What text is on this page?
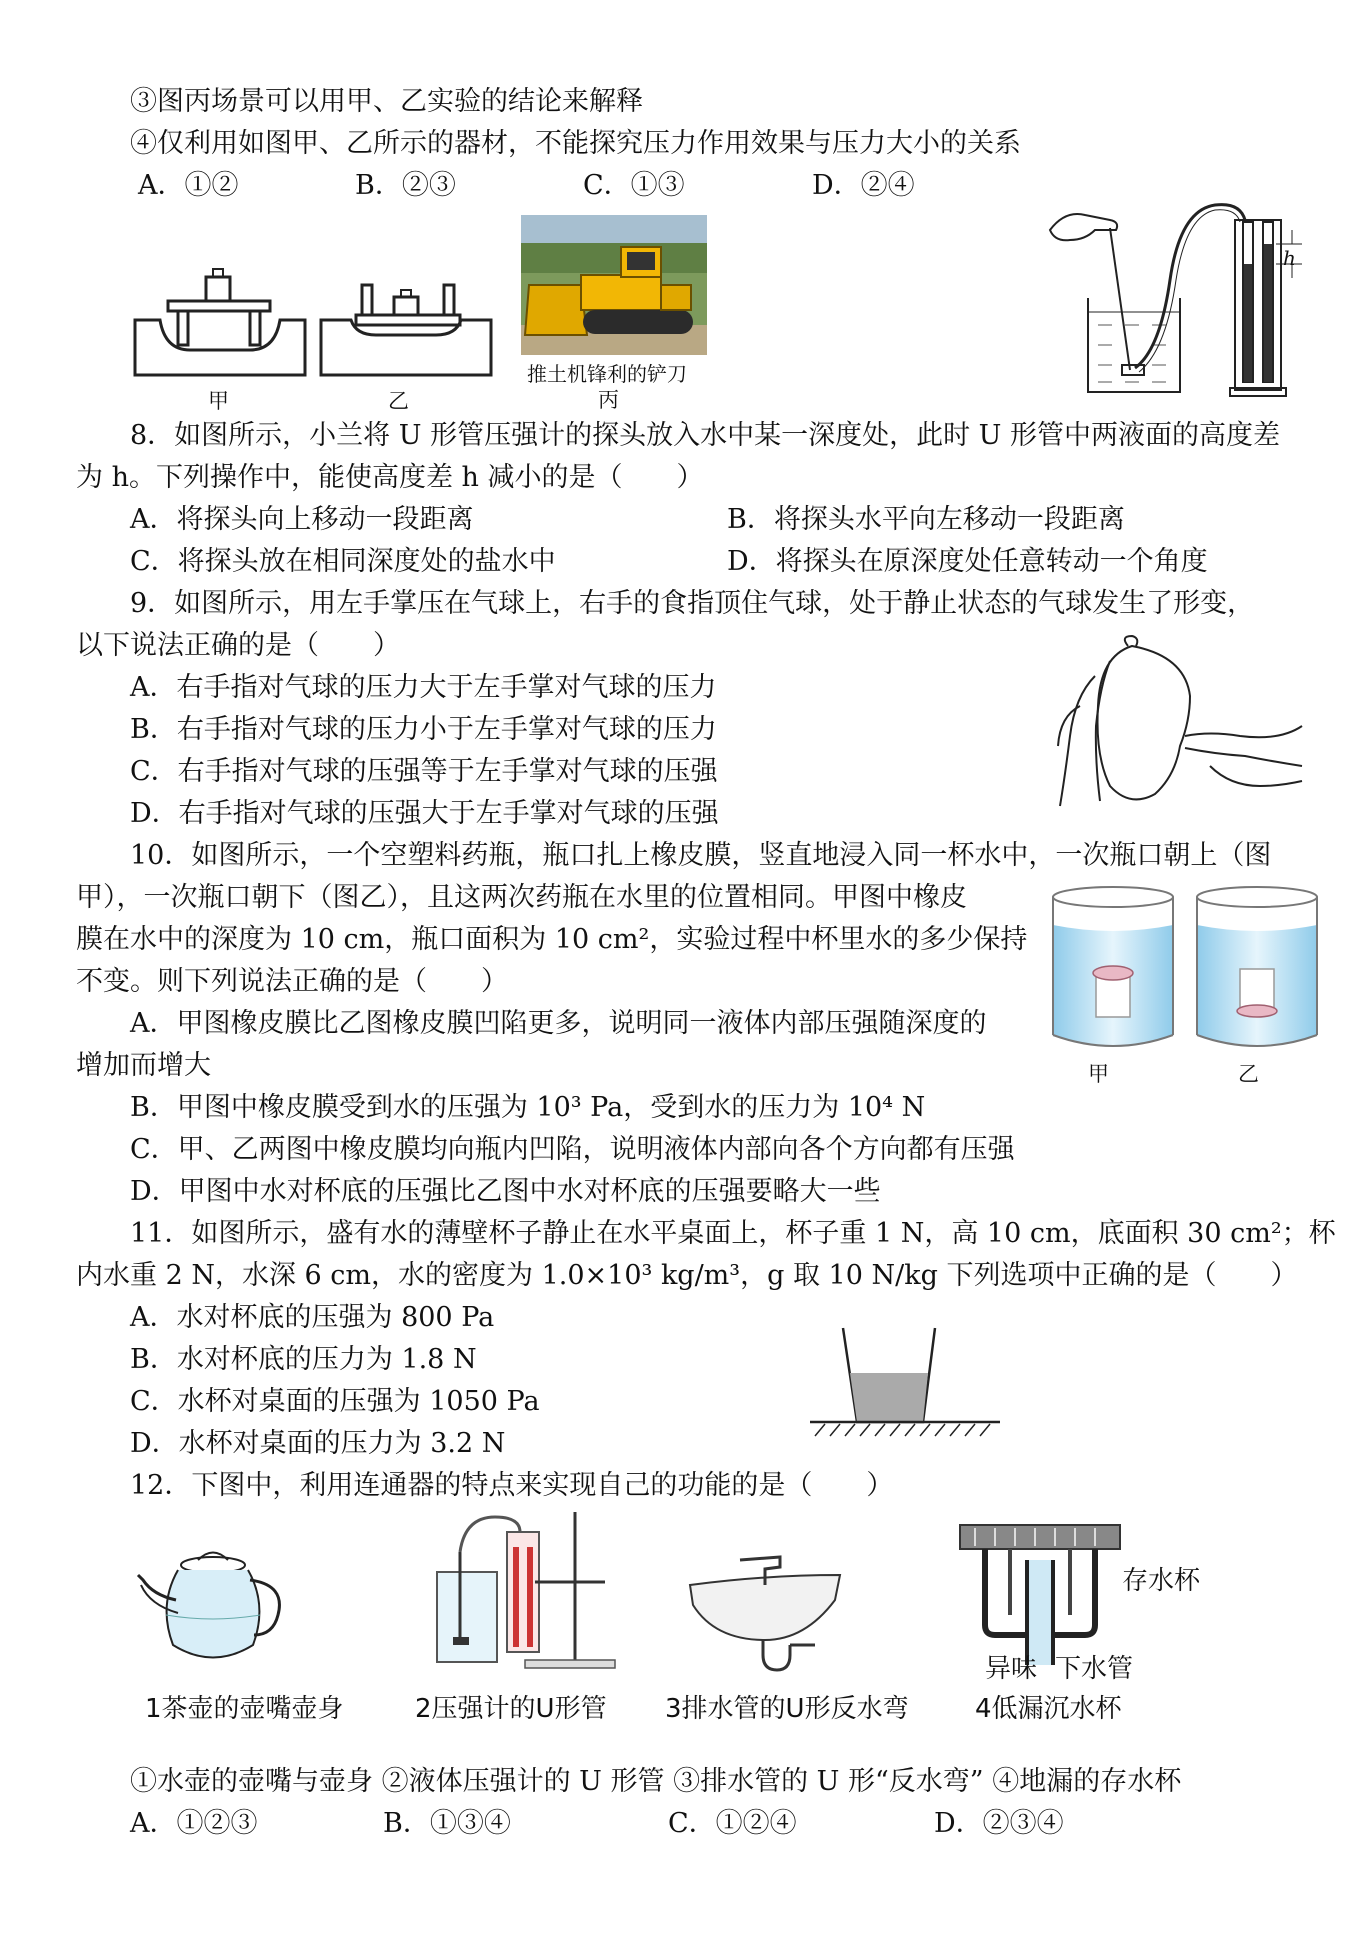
③图丙场景可以用甲、乙实验的结论来解释
④仅利用如图甲、乙所示的器材，不能探究压力作用效果与压力大小的关系
A．①②	B．②③	C．①③	D．②④
甲	乙
推土机锋利的铲刀
丙
h
8．如图所示，小兰将 U 形管压强计的探头放入水中某一深度处，此时 U 形管中两液面的高度差
为 h。下列操作中，能使高度差 h 减小的是（　　）
A．将探头向上移动一段距离	B．将探头水平向左移动一段距离
C．将探头放在相同深度处的盐水中	D．将探头在原深度处任意转动一个角度
9．如图所示，用左手掌压在气球上，右手的食指顶住气球，处于静止状态的气球发生了形变，
以下说法正确的是（　　）
A．右手指对气球的压力大于左手掌对气球的压力
B．右手指对气球的压力小于左手掌对气球的压力
C．右手指对气球的压强等于左手掌对气球的压强
D．右手指对气球的压强大于左手掌对气球的压强
10．如图所示，一个空塑料药瓶，瓶口扎上橡皮膜，竖直地浸入同一杯水中，一次瓶口朝上（图
甲），一次瓶口朝下（图乙），且这两次药瓶在水里的位置相同。甲图中橡皮
膜在水中的深度为 10 cm，瓶口面积为 10 cm²，实验过程中杯里水的多少保持
不变。则下列说法正确的是（　　）
A．甲图橡皮膜比乙图橡皮膜凹陷更多，说明同一液体内部压强随深度的
增加而增大
B．甲图中橡皮膜受到水的压强为 10³ Pa，受到水的压力为 10⁴ N
C．甲、乙两图中橡皮膜均向瓶内凹陷，说明液体内部向各个方向都有压强
D．甲图中水对杯底的压强比乙图中水对杯底的压强要略大一些
甲	乙
11．如图所示，盛有水的薄壁杯子静止在水平桌面上，杯子重 1 N，高 10 cm，底面积 30 cm²；杯
内水重 2 N，水深 6 cm，水的密度为 1.0×10³ kg/m³，g 取 10 N/kg 下列选项中正确的是（　　）
A．水对杯底的压强为 800 Pa
B．水对杯底的压力为 1.8 N
C．水杯对桌面的压强为 1050 Pa
D．水杯对桌面的压力为 3.2 N
12．下图中，利用连通器的特点来实现自己的功能的是（　　）
1茶壶的壶嘴壶身	2压强计的U形管 3排水管的U形反水弯
存水杯
异味 下水管
4低漏沉水杯
①水壶的壶嘴与壶身 ②液体压强计的 U 形管 ③排水管的 U 形“反水弯” ④地漏的存水杯
A．①②③	B．①③④	C．①②④	D．②③④
